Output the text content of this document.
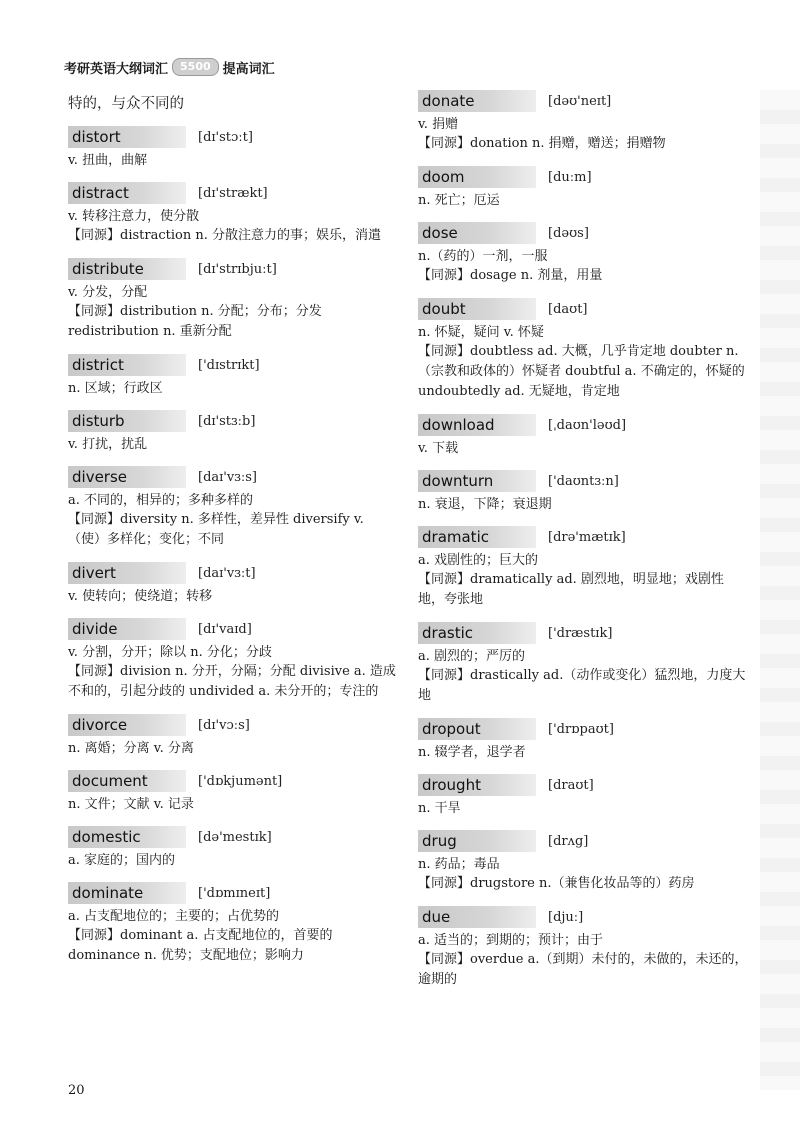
考研英语大纲词汇	5500 提高词汇
特的，与众不同的
distort	[dɪ'stɔːt]
v. 扭曲，曲解
distract	[dɪ'strækt]
v. 转移注意力，使分散
【同源】distraction n. 分散注意力的事；娱乐，消遣
distribute	[dɪ'strɪbjuːt]
v. 分发，分配
【同源】distribution n. 分配；分布；分发 redistribution n. 重新分配
district	['dɪstrɪkt]
n. 区域；行政区
disturb	[dɪ'stɜːb]
v. 打扰，扰乱
diverse	[daɪ'vɜːs]
a. 不同的，相异的；多种多样的
【同源】diversity n. 多样性，差异性 diversify v.（使）多样化；变化；不同
divert	[daɪ'vɜːt]
v. 使转向；使绕道；转移
divide	[dɪ'vaɪd]
v. 分割，分开；除以 n. 分化；分歧
【同源】division n. 分开，分隔；分配 divisive a. 造成不和的，引起分歧的 undivided a. 未分开的；专注的
divorce	[dɪ'vɔːs]
n. 离婚；分离 v. 分离
document	['dɒkjumənt]
n. 文件；文献 v. 记录
domestic	[də'mestɪk]
a. 家庭的；国内的
dominate	['dɒmɪneɪt]
a. 占支配地位的；主要的；占优势的
【同源】dominant a. 占支配地位的，首要的 dominance n. 优势；支配地位；影响力
donate	[dəʊ'neɪt]
v. 捐赠
【同源】donation n. 捐赠，赠送；捐赠物
doom	[duːm]
n. 死亡；厄运
dose	[dəʊs]
n.（药的）一剂，一服
【同源】dosage n. 剂量，用量
doubt	[daʊt]
n. 怀疑，疑问 v. 怀疑
【同源】doubtless ad. 大概，几乎肯定地 doubter n.（宗教和政体的）怀疑者 doubtful a. 不确定的，怀疑的 undoubtedly ad. 无疑地，肯定地
download	[ˌdaʊn'ləʊd]
v. 下载
downturn	['daʊntɜːn]
n. 衰退，下降；衰退期
dramatic	[drə'mætɪk]
a. 戏剧性的；巨大的
【同源】dramatically ad. 剧烈地，明显地；戏剧性地，夸张地
drastic	['dræstɪk]
a. 剧烈的；严厉的
【同源】drastically ad.（动作或变化）猛烈地，力度大地
dropout	['drɒpaʊt]
n. 辍学者，退学者
drought	[draʊt]
n. 干旱
drug	[drʌg]
n. 药品；毒品
【同源】drugstore n.（兼售化妆品等的）药房
due	[djuː]
a. 适当的；到期的；预计；由于
【同源】overdue a.（到期）未付的，未做的，未还的，逾期的
20
